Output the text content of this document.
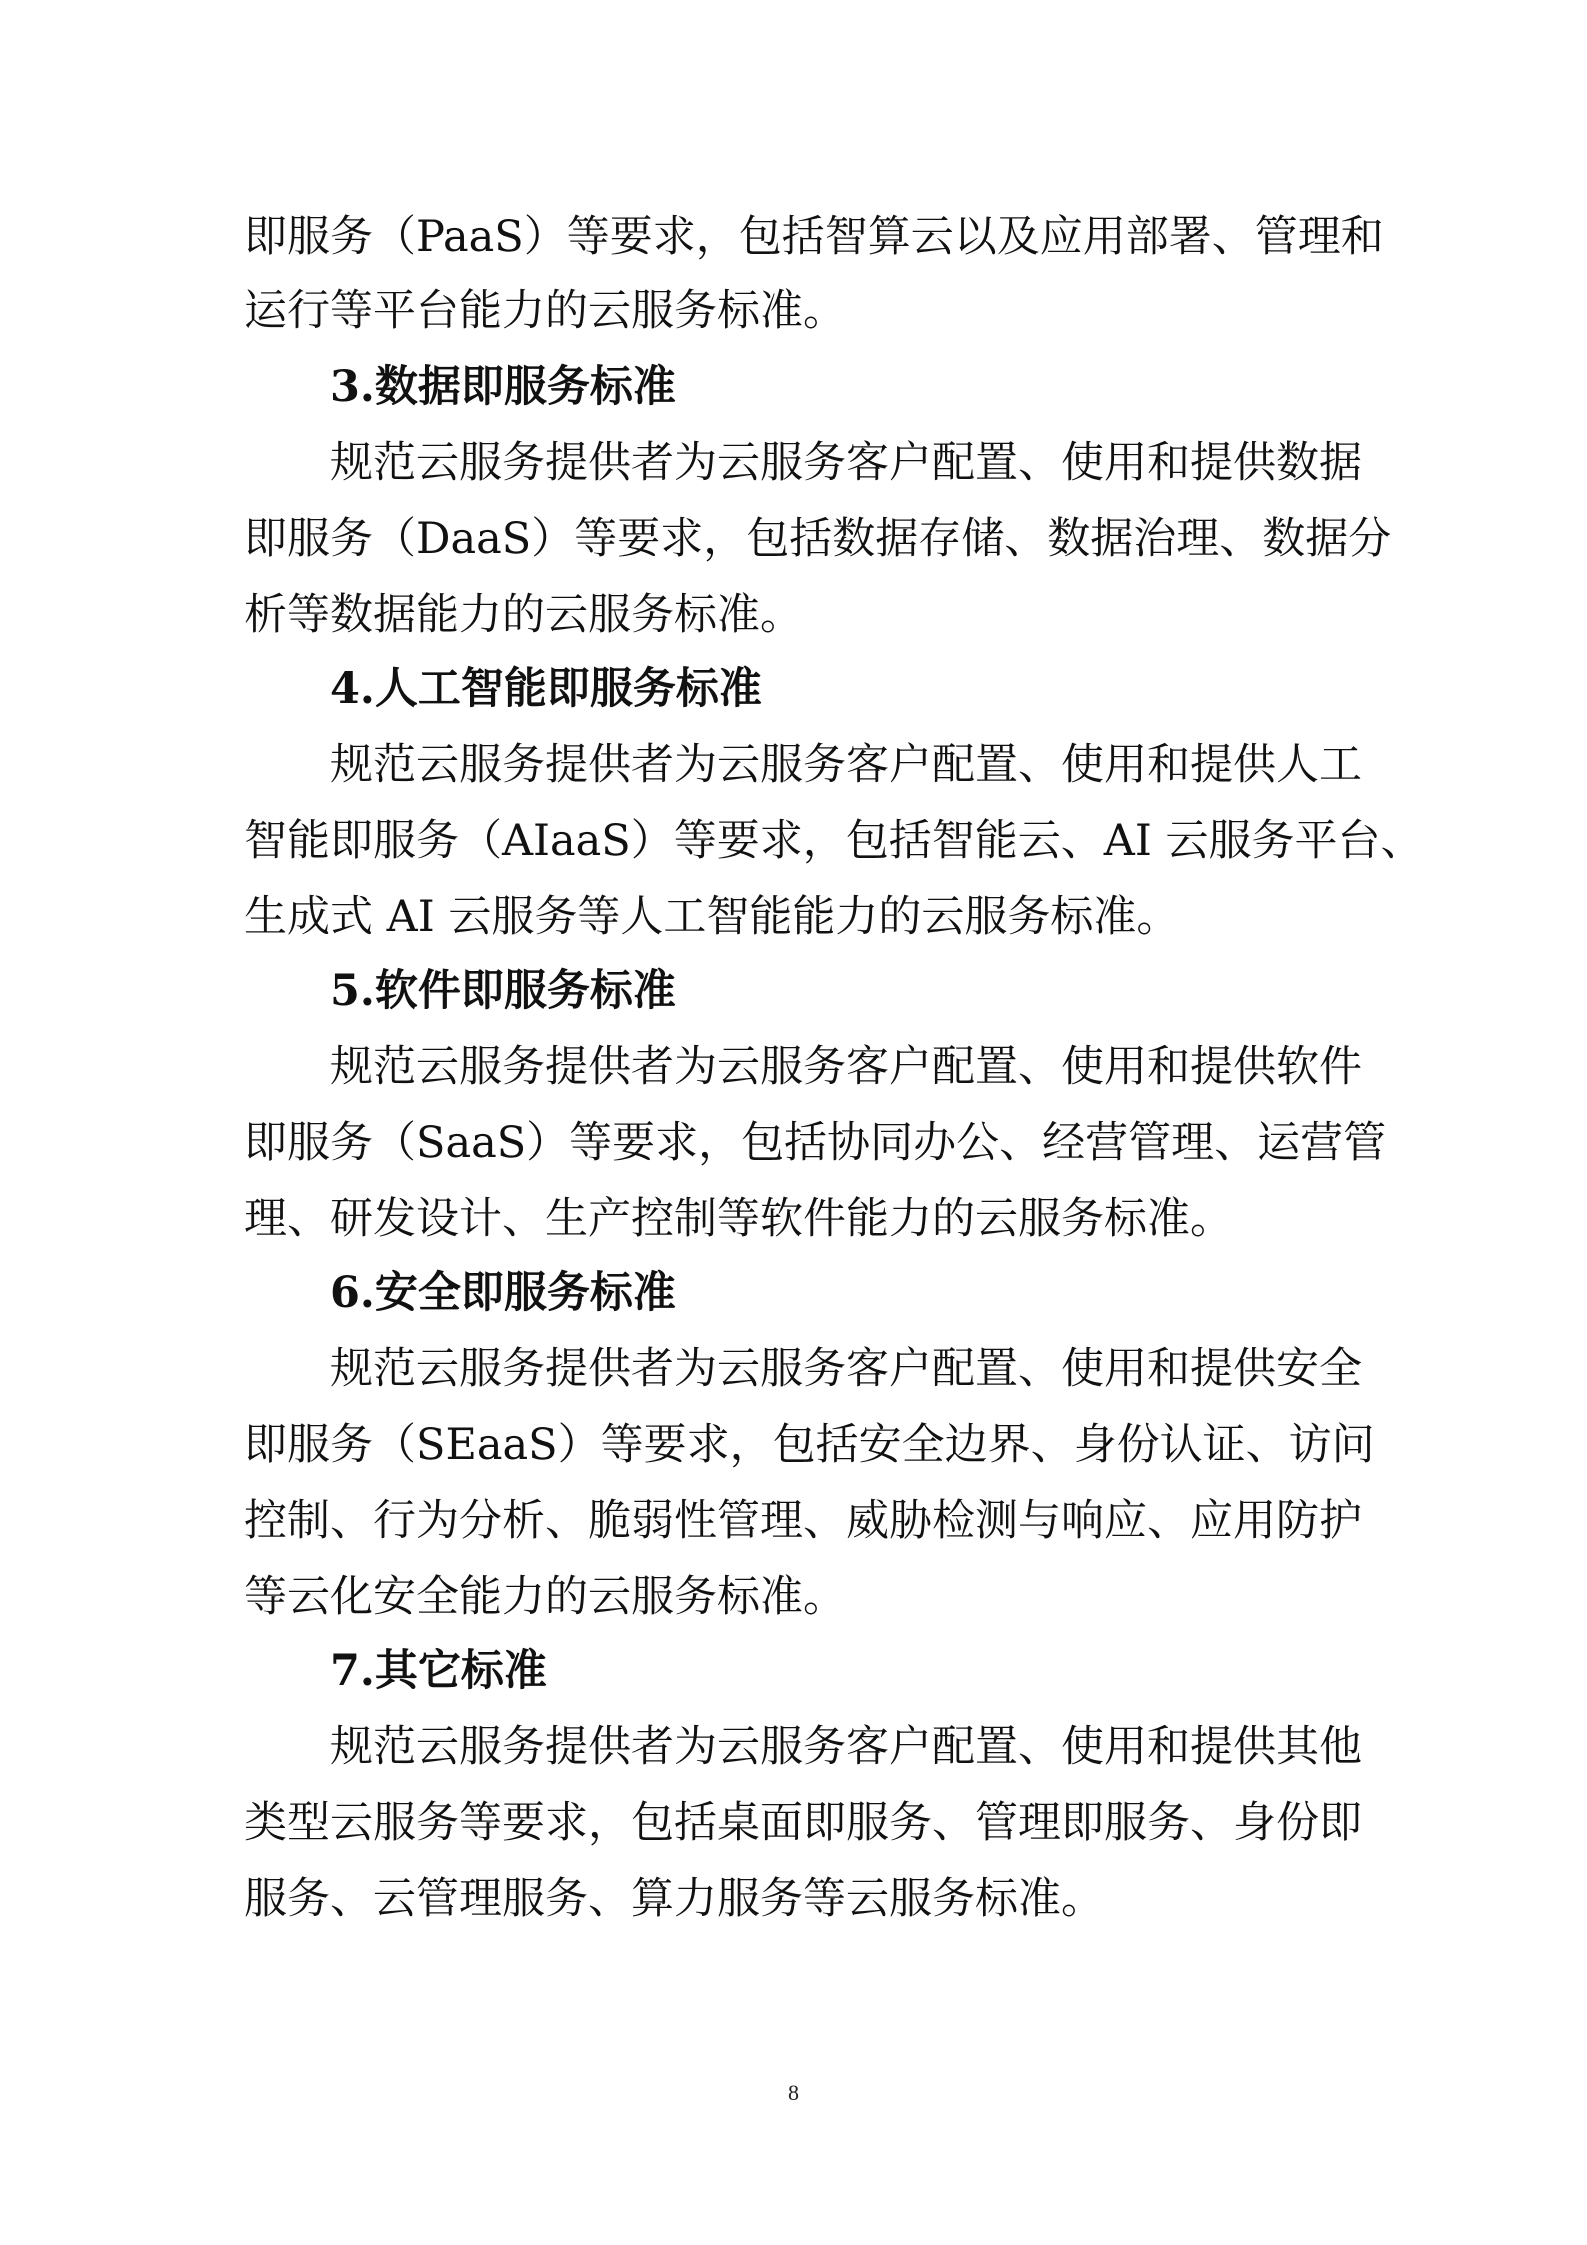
即服务（PaaS）等要求，包括智算云以及应用部署、管理和
运行等平台能力的云服务标准。
3.数据即服务标准
规范云服务提供者为云服务客户配置、使用和提供数据
即服务（DaaS）等要求，包括数据存储、数据治理、数据分
析等数据能力的云服务标准。
4.人工智能即服务标准
规范云服务提供者为云服务客户配置、使用和提供人工
智能即服务（AIaaS）等要求，包括智能云、AI 云服务平台、
生成式 AI 云服务等人工智能能力的云服务标准。
5.软件即服务标准
规范云服务提供者为云服务客户配置、使用和提供软件
即服务（SaaS）等要求，包括协同办公、经营管理、运营管
理、研发设计、生产控制等软件能力的云服务标准。
6.安全即服务标准
规范云服务提供者为云服务客户配置、使用和提供安全
即服务（SEaaS）等要求，包括安全边界、身份认证、访问
控制、行为分析、脆弱性管理、威胁检测与响应、应用防护
等云化安全能力的云服务标准。
7.其它标准
规范云服务提供者为云服务客户配置、使用和提供其他
类型云服务等要求，包括桌面即服务、管理即服务、身份即
服务、云管理服务、算力服务等云服务标准。
8
